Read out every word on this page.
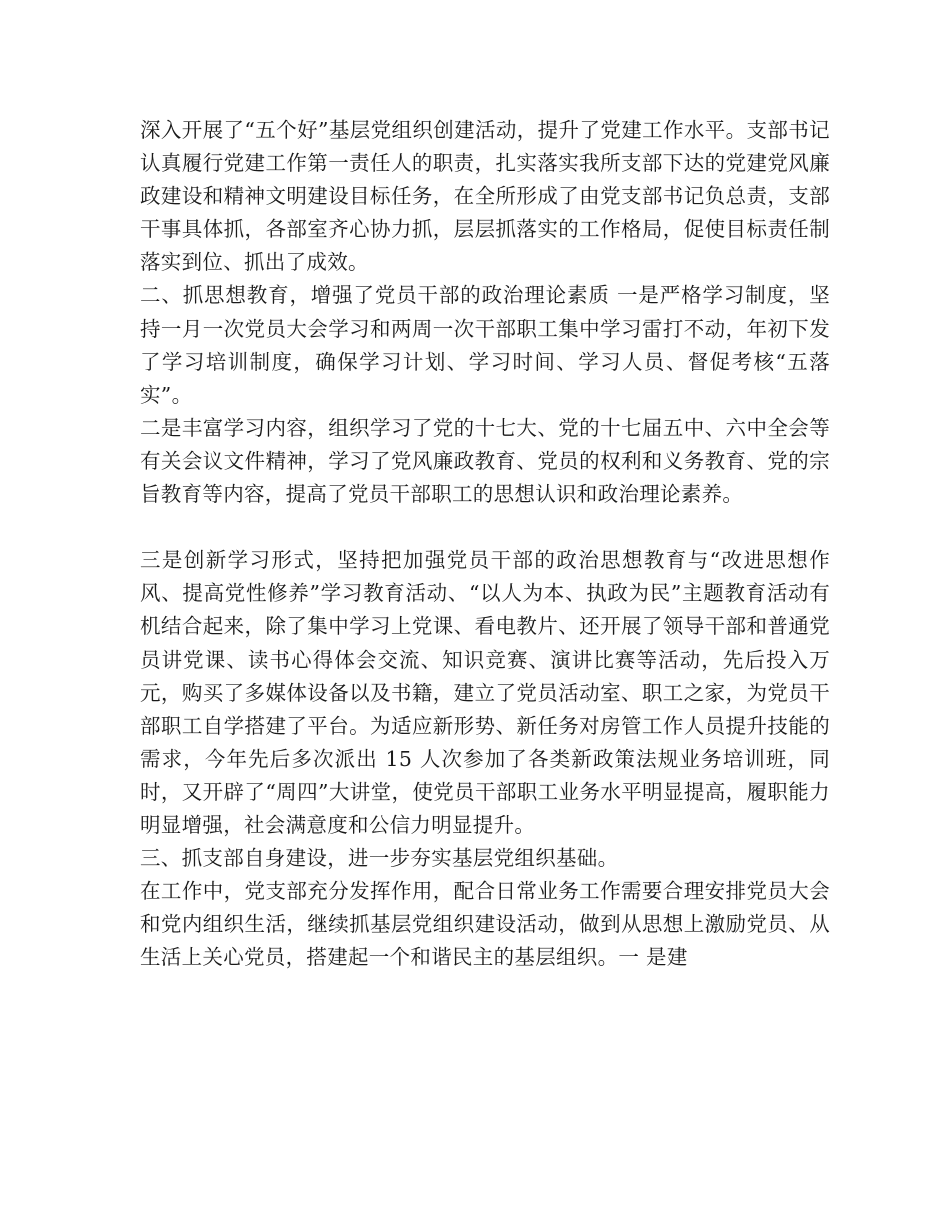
深入开展了“五个好”基层党组织创建活动，提升了党建工作水平。支部书记认真履行党建工作第一责任人的职责，扎实落实我所支部下达的党建党风廉政建设和精神文明建设目标任务，在全所形成了由党支部书记负总责，支部干事具体抓，各部室齐心协力抓，层层抓落实的工作格局，促使目标责任制落实到位、抓出了成效。

二、抓思想教育，增强了党员干部的政治理论素质 一是严格学习制度，坚持一月一次党员大会学习和两周一次干部职工集中学习雷打不动，年初下发了学习培训制度，确保学习计划、学习时间、学习人员、督促考核“五落实”。

二是丰富学习内容，组织学习了党的十七大、党的十七届五中、六中全会等有关会议文件精神，学习了党风廉政教育、党员的权利和义务教育、党的宗旨教育等内容，提高了党员干部职工的思想认识和政治理论素养。

三是创新学习形式，坚持把加强党员干部的政治思想教育与“改进思想作风、提高党性修养”学习教育活动、“以人为本、执政为民”主题教育活动有机结合起来，除了集中学习上党课、看电教片、还开展了领导干部和普通党员讲党课、读书心得体会交流、知识竞赛、演讲比赛等活动，先后投入万元，购买了多媒体设备以及书籍，建立了党员活动室、职工之家，为党员干部职工自学搭建了平台。为适应新形势、新任务对房管工作人员提升技能的需求，今年先后多次派出 15 人次参加了各类新政策法规业务培训班，同时，又开辟了“周四”大讲堂，使党员干部职工业务水平明显提高，履职能力明显增强，社会满意度和公信力明显提升。

三、抓支部自身建设，进一步夯实基层党组织基础。

在工作中，党支部充分发挥作用，配合日常业务工作需要合理安排党员大会和党内组织生活，继续抓基层党组织建设活动，做到从思想上激励党员、从生活上关心党员，搭建起一个和谐民主的基层组织。一 是建
